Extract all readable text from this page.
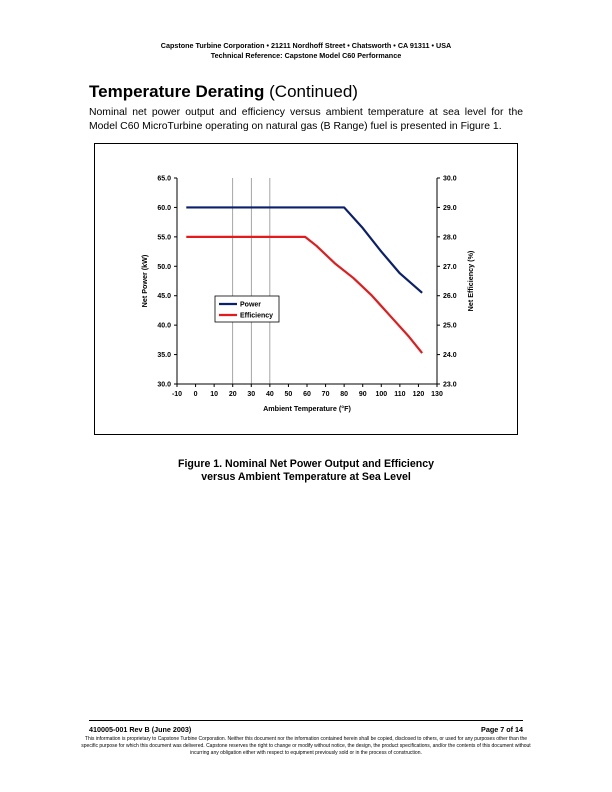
Capstone Turbine Corporation • 21211 Nordhoff Street • Chatsworth • CA 91311 • USA
Technical Reference: Capstone Model C60 Performance
Temperature Derating (Continued)
Nominal net power output and efficiency versus ambient temperature at sea level for the Model C60 MicroTurbine operating on natural gas (B Range) fuel is presented in Figure 1.
30.0
35.0
40.0
45.0
50.0
55.0
60.0
65.0
23.0
24.0
25.0
26.0
27.0
28.0
29.0
30.0
-10 0 10 20 30 40 50 60 70 80 90 100 110 120 130
Ambient Temperature (°F)
Net Power (kW)	Net Efficiency (%)
Power
Efficiency
Figure 1. Nominal Net Power Output and Efficiency
versus Ambient Temperature at Sea Level
410005-001 Rev B (June 2003)	Page 7 of 14
This information is proprietary to Capstone Turbine Corporation. Neither this document nor the information contained herein shall be copied, disclosed to others, or used for any purposes other than the specific purpose for which this document was delivered. Capstone reserves the right to change or modify without notice, the design, the product specifications, and/or the contents of this document without incurring any obligation either with respect to equipment previously sold or in the process of construction.
